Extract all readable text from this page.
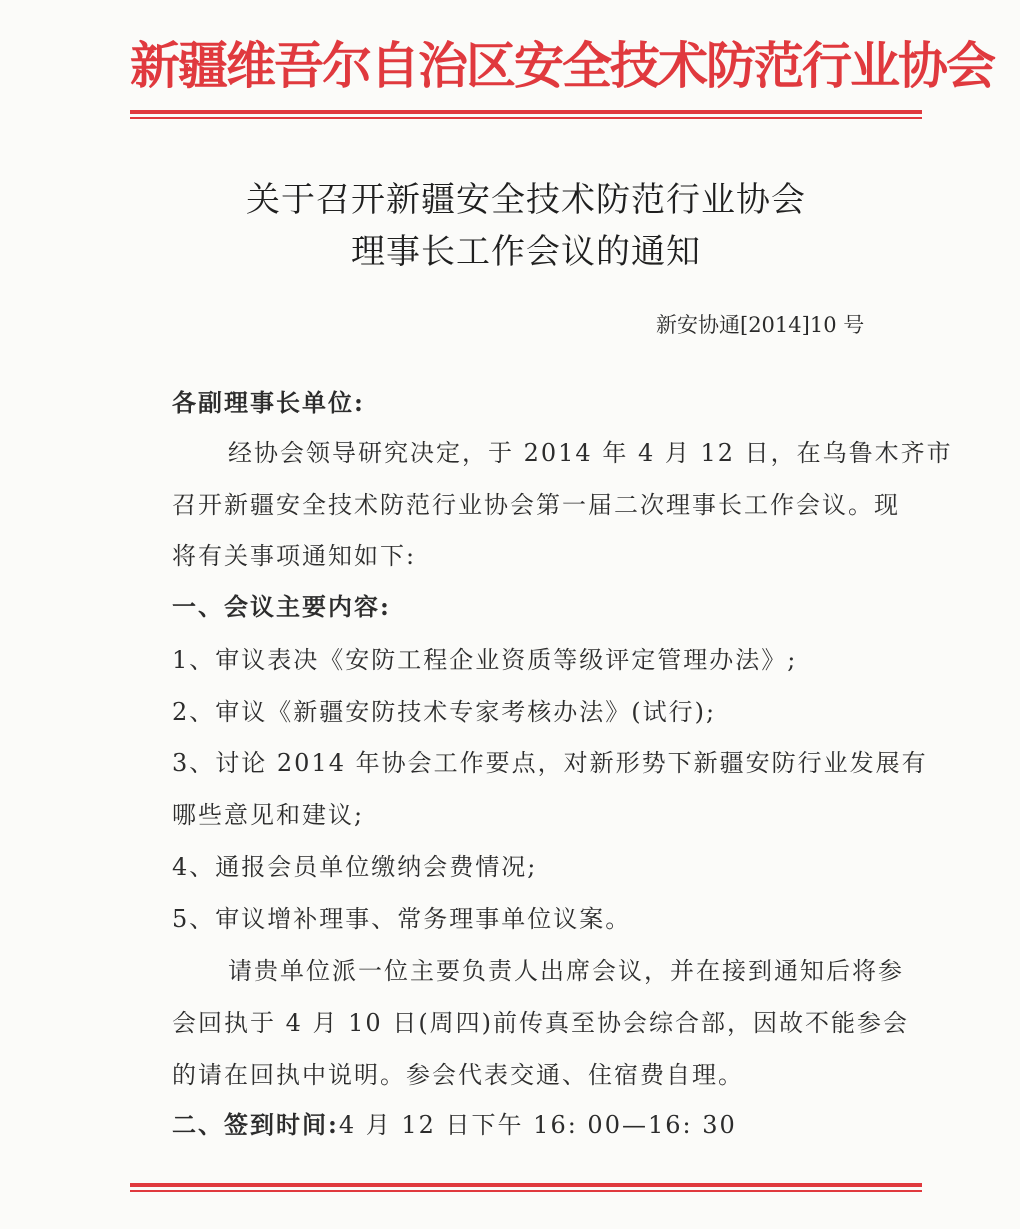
新疆维吾尔自治区安全技术防范行业协会
关于召开新疆安全技术防范行业协会
理事长工作会议的通知
新安协通[2014]10 号
各副理事长单位:
经协会领导研究决定，于 2014 年 4 月 12 日，在乌鲁木齐市
召开新疆安全技术防范行业协会第一届二次理事长工作会议。现
将有关事项通知如下:
一、会议主要内容:
1、审议表决《安防工程企业资质等级评定管理办法》;
2、审议《新疆安防技术专家考核办法》(试行);
3、讨论 2014 年协会工作要点，对新形势下新疆安防行业发展有
哪些意见和建议;
4、通报会员单位缴纳会费情况;
5、审议增补理事、常务理事单位议案。
请贵单位派一位主要负责人出席会议，并在接到通知后将参
会回执于 4 月 10 日(周四)前传真至协会综合部，因故不能参会
的请在回执中说明。参会代表交通、住宿费自理。
二、签到时间:4 月 12 日下午 16: 00—16: 30
